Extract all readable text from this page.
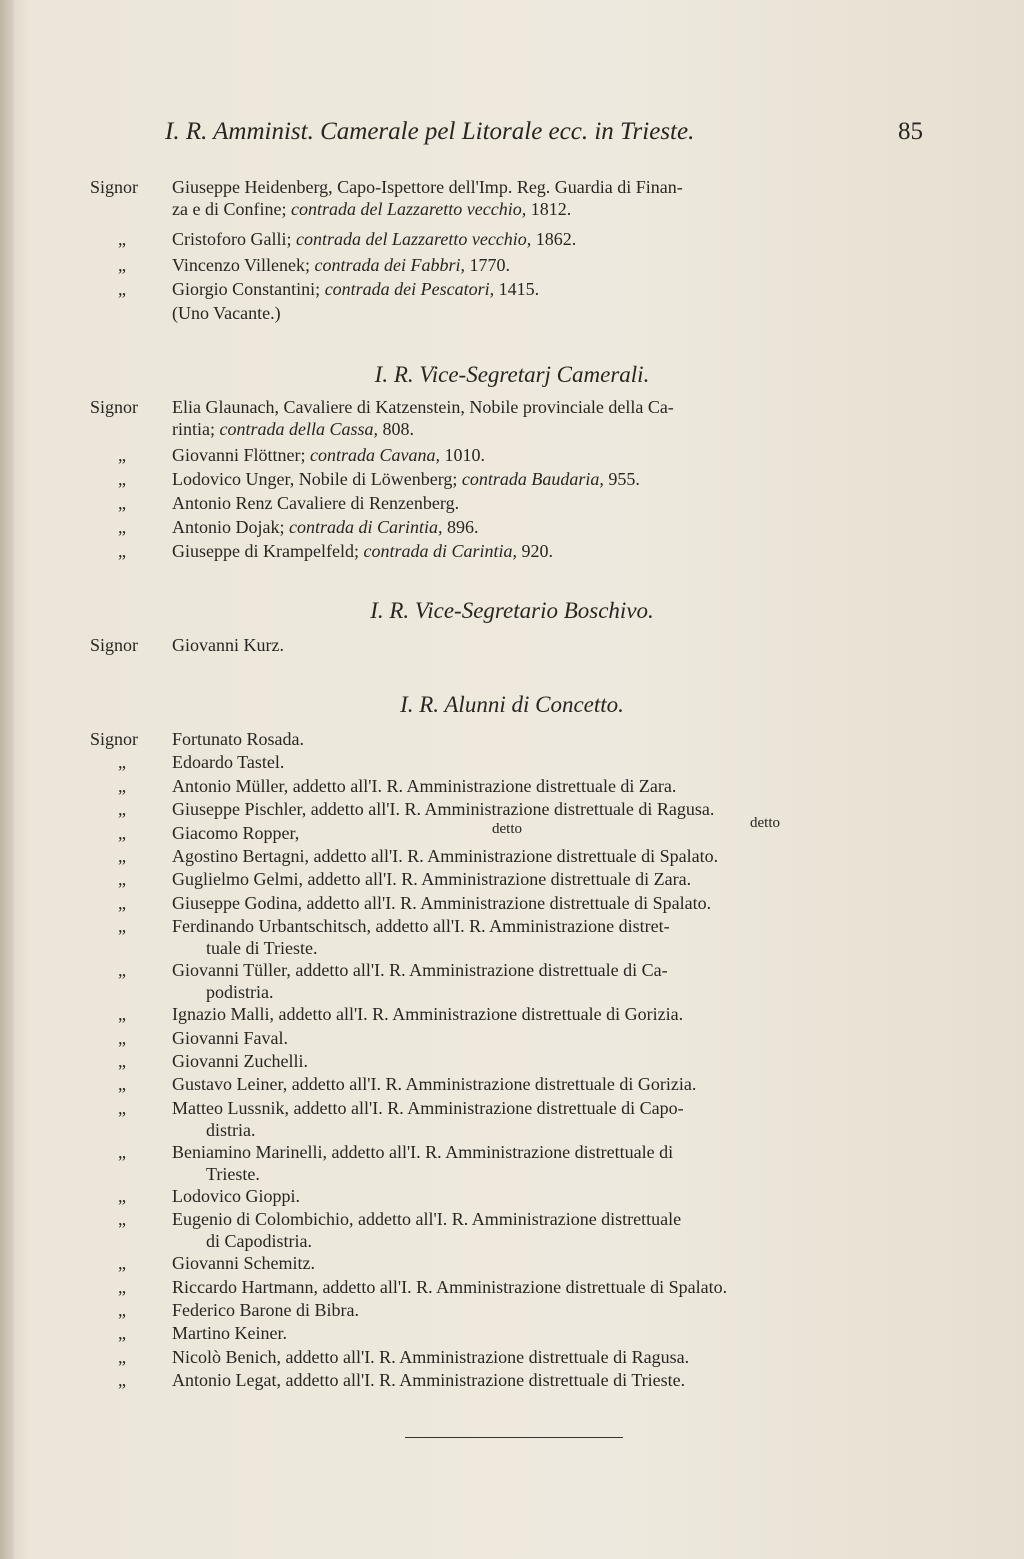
I. R. Amminist. Camerale pel Litorale ecc. in Trieste.	85
Signor	Giuseppe Heidenberg, Capo-Ispettore dell'Imp. Reg. Guardia di Finan-
za e di Confine; contrada del Lazzaretto vecchio, 1812.
„	Cristoforo Galli; contrada del Lazzaretto vecchio, 1862.
„	Vincenzo Villenek; contrada dei Fabbri, 1770.
„	Giorgio Constantini; contrada dei Pescatori, 1415.
(Uno Vacante.)
I. R. Vice-Segretarj Camerali.
Signor	Elia Glaunach, Cavaliere di Katzenstein, Nobile provinciale della Ca-
rintia; contrada della Cassa, 808.
„	Giovanni Flöttner; contrada Cavana, 1010.
„	Lodovico Unger, Nobile di Löwenberg; contrada Baudaria, 955.
„	Antonio Renz Cavaliere di Renzenberg.
„	Antonio Dojak; contrada di Carintia, 896.
„	Giuseppe di Krampelfeld; contrada di Carintia, 920.
I. R. Vice-Segretario Boschivo.
Signor	Giovanni Kurz.
I. R. Alunni di Concetto.
Signor	Fortunato Rosada.
„	Edoardo Tastel.
„	Antonio Müller, addetto all'I. R. Amministrazione distrettuale di Zara.
„	Giuseppe Pischler, addetto all'I. R. Amministrazione distrettuale di Ragusa.
„	Giacomo Ropper,	detto	detto
„	Agostino Bertagni, addetto all'I. R. Amministrazione distrettuale di Spalato.
„	Guglielmo Gelmi, addetto all'I. R. Amministrazione distrettuale di Zara.
„	Giuseppe Godina, addetto all'I. R. Amministrazione distrettuale di Spalato.
„	Ferdinando Urbantschitsch, addetto all'I. R. Amministrazione distret-
tuale di Trieste.
„	Giovanni Tüller, addetto all'I. R. Amministrazione distrettuale di Ca-
podistria.
„	Ignazio Malli, addetto all'I. R. Amministrazione distrettuale di Gorizia.
„	Giovanni Faval.
„	Giovanni Zuchelli.
„	Gustavo Leiner, addetto all'I. R. Amministrazione distrettuale di Gorizia.
„	Matteo Lussnik, addetto all'I. R. Amministrazione distrettuale di Capo-
distria.
„	Beniamino Marinelli, addetto all'I. R. Amministrazione distrettuale di
Trieste.
„	Lodovico Gioppi.
„	Eugenio di Colombichio, addetto all'I. R. Amministrazione distrettuale
di Capodistria.
„	Giovanni Schemitz.
„	Riccardo Hartmann, addetto all'I. R. Amministrazione distrettuale di Spalato.
„	Federico Barone di Bibra.
„	Martino Keiner.
„	Nicolò Benich, addetto all'I. R. Amministrazione distrettuale di Ragusa.
„	Antonio Legat, addetto all'I. R. Amministrazione distrettuale di Trieste.
